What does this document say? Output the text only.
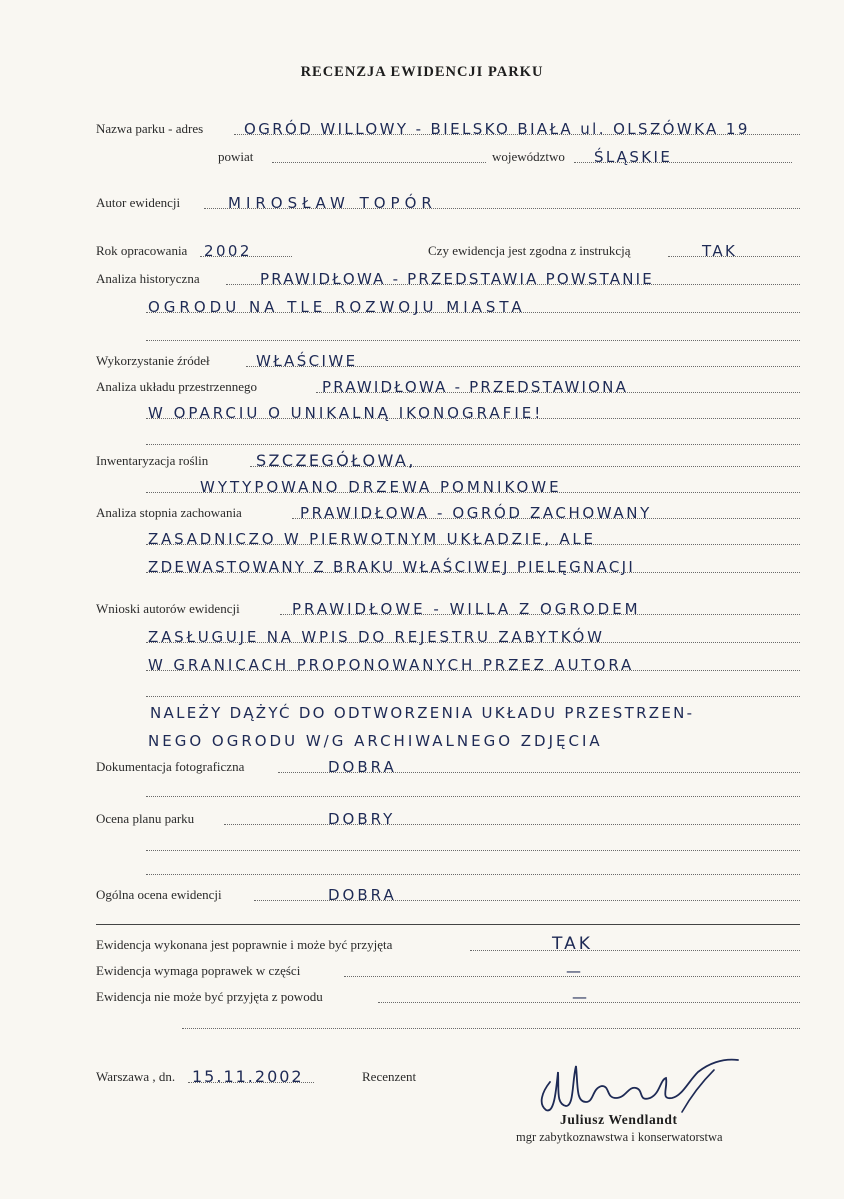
RECENZJA EWIDENCJI PARKU
Nazwa parku - adres	OGRÓD WILLOWY - BIELSKO BIAŁA ul. OLSZÓWKA 19
powiat	województwo ŚLĄSKIE
Autor ewidencji	MIROSŁAW TOPÓR
Rok opracowania 2002	Czy ewidencja jest zgodna z instrukcją	TAK
Analiza historyczna	PRAWIDŁOWA - PRZEDSTAWIA POWSTANIE
OGRODU NA TLE ROZWOJU MIASTA
Wykorzystanie źródeł	WŁAŚCIWE
Analiza układu przestrzennego	PRAWIDŁOWA - PRZEDSTAWIONA
W OPARCIU O UNIKALNĄ IKONOGRAFIE!
Inwentaryzacja roślin	SZCZEGÓŁOWA,
WYTYPOWANO DRZEWA POMNIKOWE
Analiza stopnia zachowania	PRAWIDŁOWA - OGRÓD ZACHOWANY
ZASADNICZO W PIERWOTNYM UKŁADZIE, ALE
ZDEWASTOWANY Z BRAKU WŁAŚCIWEJ PIELĘGNACJI
Wnioski autorów ewidencji	PRAWIDŁOWE - WILLA Z OGRODEM
ZASŁUGUJE NA WPIS DO REJESTRU ZABYTKÓW
W GRANICACH PROPONOWANYCH PRZEZ AUTORA
NALEŻY DĄŻYĆ DO ODTWORZENIA UKŁADU PRZESTRZEN-
NEGO OGRODU W/G ARCHIWALNEGO ZDJĘCIA
Dokumentacja fotograficzna	DOBRA
Ocena planu parku	DOBRY
Ogólna ocena ewidencji	DOBRA
Ewidencja wykonana jest poprawnie i może być przyjęta	TAK
Ewidencja wymaga poprawek w części	—
Ewidencja nie może być przyjęta z powodu	—
Warszawa , dn. 15.11.2002	Recenzent
Juliusz Wendlandt
mgr zabytkoznawstwa i konserwatorstwa
